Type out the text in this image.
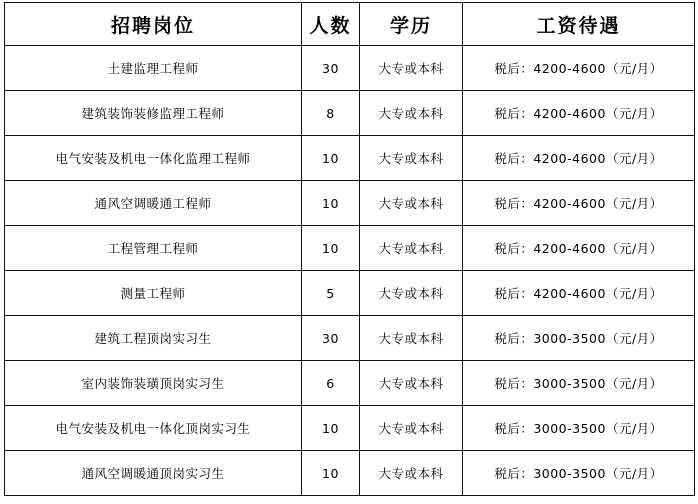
招聘岗位	人数	学历	工资待遇
土建监理工程师	30	大专或本科	税后：4200-4600（元/月）
建筑装饰装修监理工程师	8	大专或本科	税后：4200-4600（元/月）
电气安装及机电一体化监理工程师	10	大专或本科	税后：4200-4600（元/月）
通风空调暖通工程师	10	大专或本科	税后：4200-4600（元/月）
工程管理工程师	10	大专或本科	税后：4200-4600（元/月）
测量工程师	5	大专或本科	税后：4200-4600（元/月）
建筑工程顶岗实习生	30	大专或本科	税后：3000-3500（元/月）
室内装饰装璜顶岗实习生	6	大专或本科	税后：3000-3500（元/月）
电气安装及机电一体化顶岗实习生	10	大专或本科	税后：3000-3500（元/月）
通风空调暖通顶岗实习生	10	大专或本科	税后：3000-3500（元/月）
